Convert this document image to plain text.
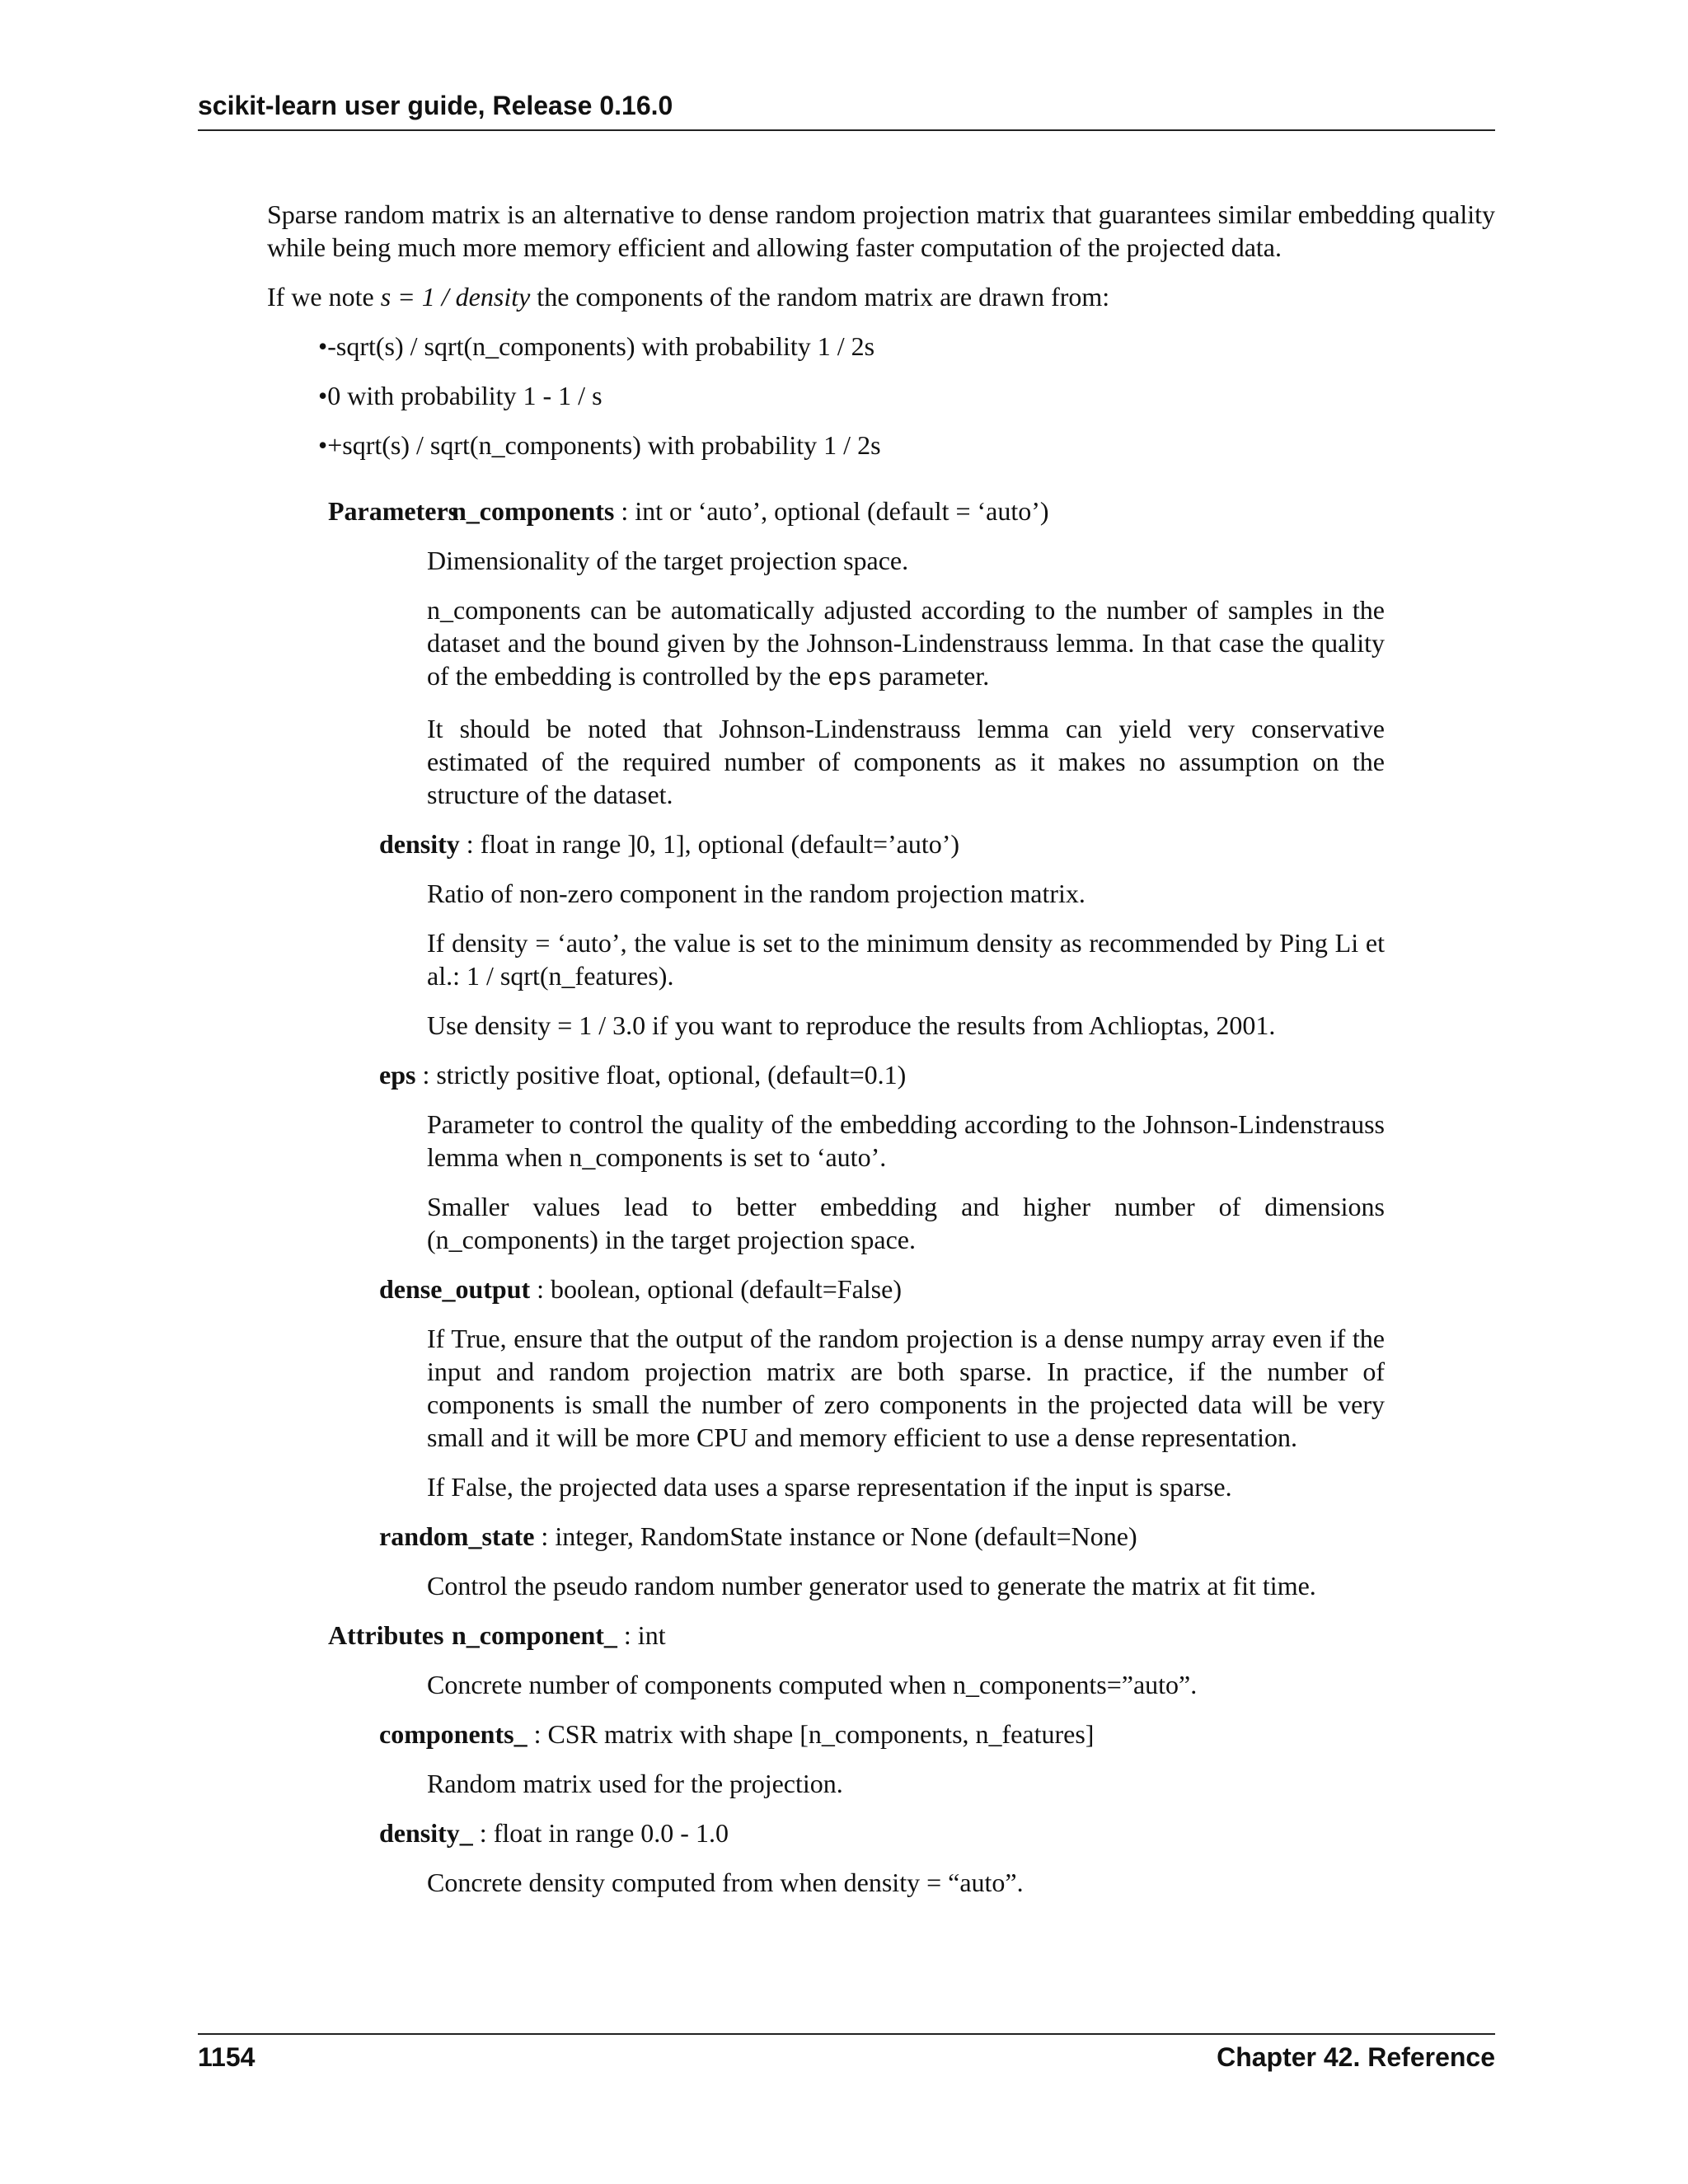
scikit-learn user guide, Release 0.16.0

Sparse random matrix is an alternative to dense random projection matrix that guarantees similar embedding quality while being much more memory efficient and allowing faster computation of the projected data.

If we note s = 1 / density the components of the random matrix are drawn from:

•-sqrt(s) / sqrt(n_components) with probability 1 / 2s
•0 with probability 1 - 1 / s
•+sqrt(s) / sqrt(n_components) with probability 1 / 2s
Parameters
n_components : int or ‘auto’, optional (default = ‘auto’)

Dimensionality of the target projection space.

n_components can be automatically adjusted according to the number of samples in the dataset and the bound given by the Johnson-Lindenstrauss lemma. In that case the quality of the embedding is controlled by the eps parameter.

It should be noted that Johnson-Lindenstrauss lemma can yield very conservative estimated of the required number of components as it makes no assumption on the structure of the dataset.

density : float in range ]0, 1], optional (default=’auto’)

Ratio of non-zero component in the random projection matrix.

If density = ‘auto’, the value is set to the minimum density as recommended by Ping Li et al.: 1 / sqrt(n_features).

Use density = 1 / 3.0 if you want to reproduce the results from Achlioptas, 2001.

eps : strictly positive float, optional, (default=0.1)

Parameter to control the quality of the embedding according to the Johnson-Lindenstrauss lemma when n_components is set to ‘auto’.

Smaller values lead to better embedding and higher number of dimensions (n_components) in the target projection space.

dense_output : boolean, optional (default=False)

If True, ensure that the output of the random projection is a dense numpy array even if the input and random projection matrix are both sparse. In practice, if the number of components is small the number of zero components in the projected data will be very small and it will be more CPU and memory efficient to use a dense representation.

If False, the projected data uses a sparse representation if the input is sparse.

random_state : integer, RandomState instance or None (default=None)

Control the pseudo random number generator used to generate the matrix at fit time.

Attributes n_component_ : int

Concrete number of components computed when n_components=”auto”.

components_ : CSR matrix with shape [n_components, n_features]

Random matrix used for the projection.

density_ : float in range 0.0 - 1.0

Concrete density computed from when density = “auto”.

1154	Chapter 42. Reference
